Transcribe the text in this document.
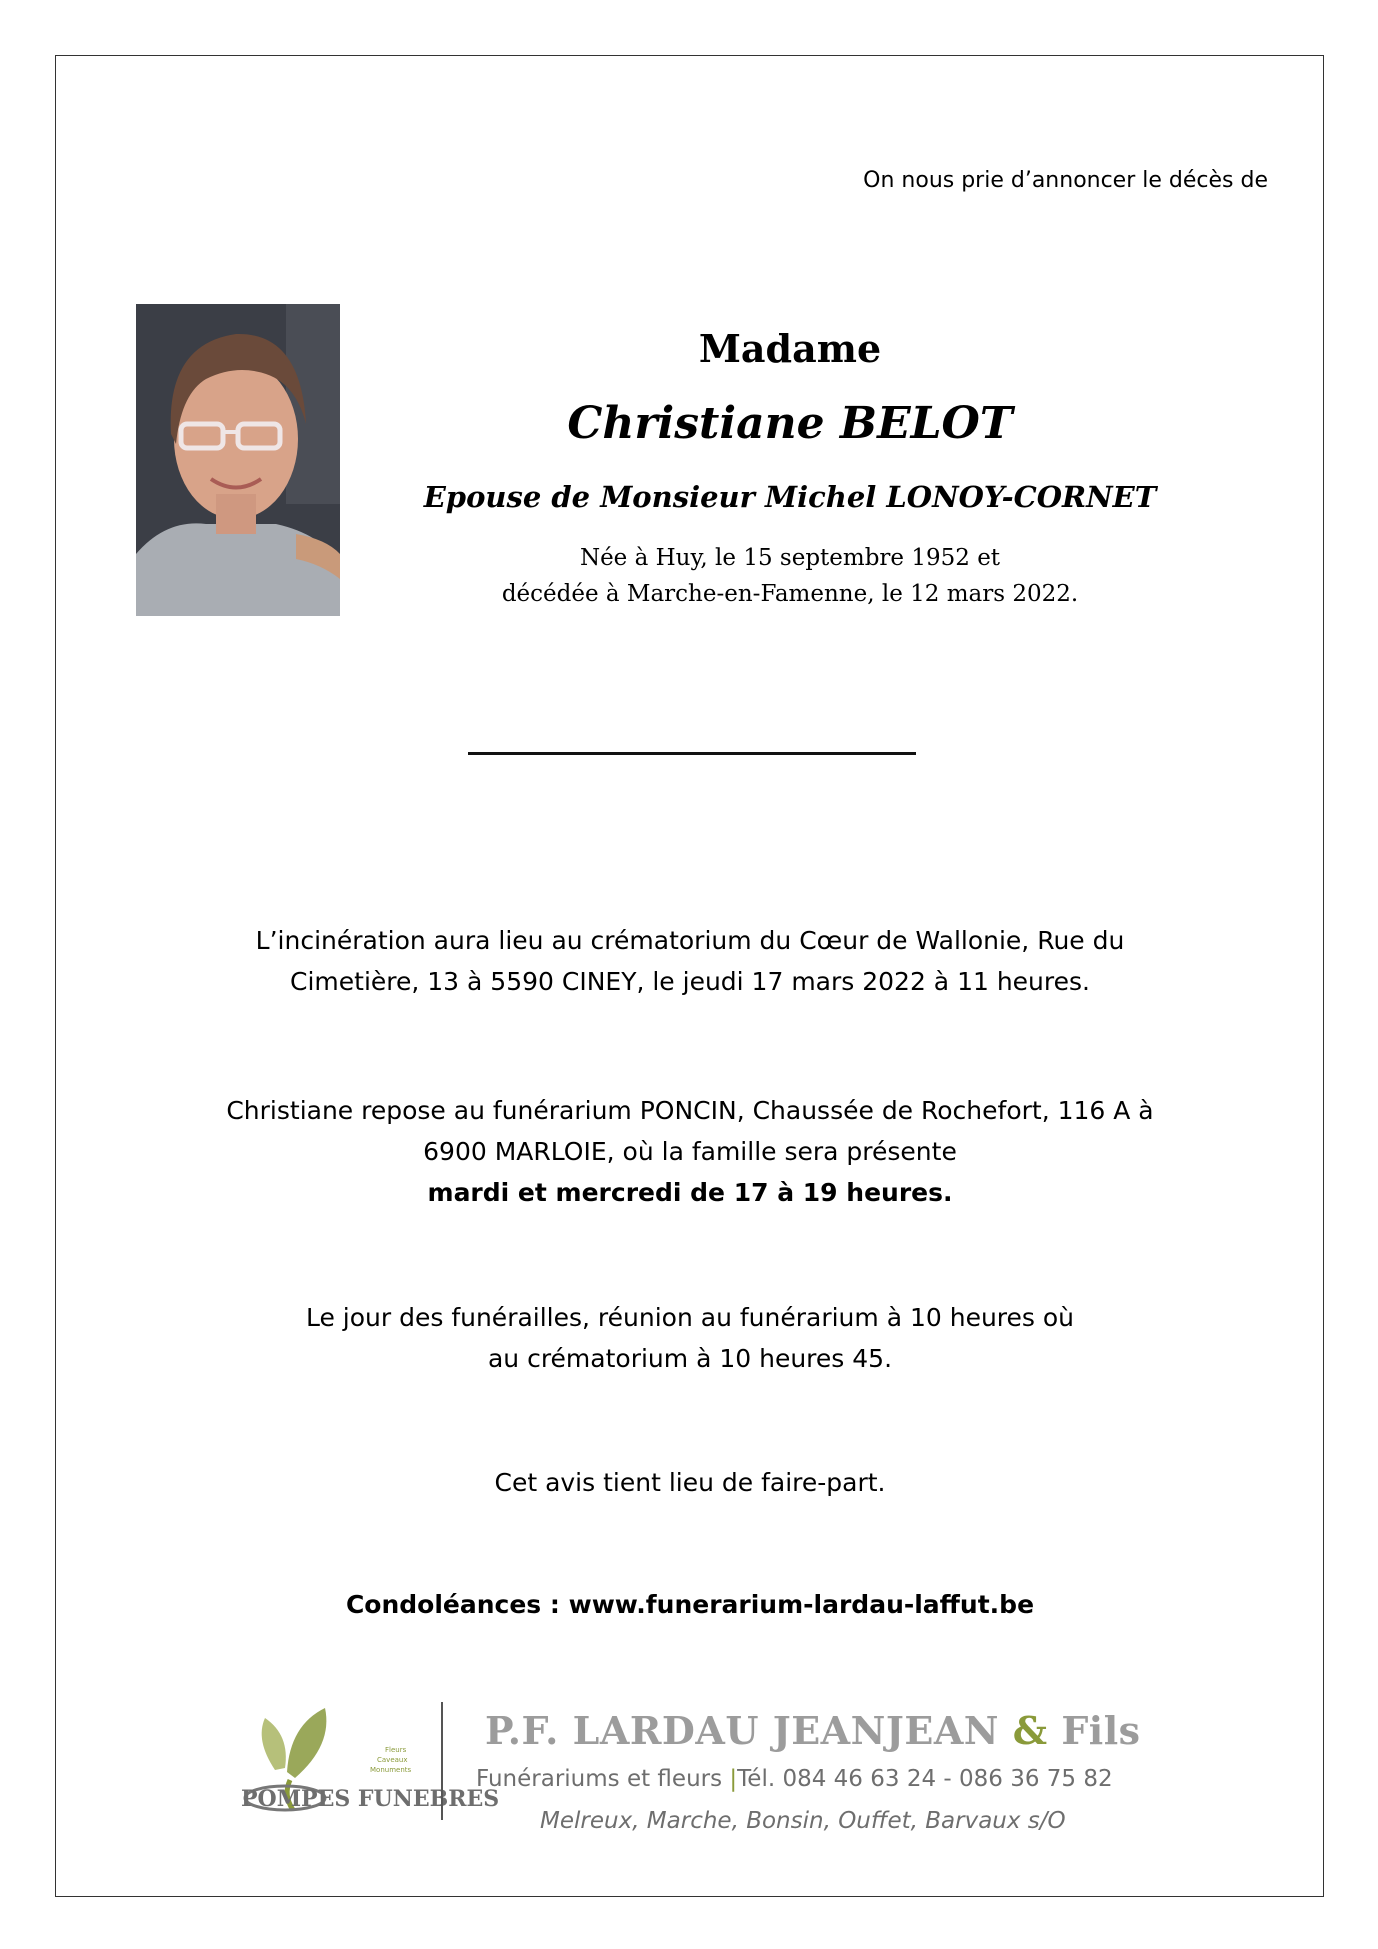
On nous prie d’annoncer le décès de
Madame
Christiane BELOT
Epouse de Monsieur Michel LONOY-CORNET
Née à Huy, le 15 septembre 1952 et
décédée à Marche-en-Famenne, le 12 mars 2022.
L’incinération aura lieu au crématorium du Cœur de Wallonie, Rue du
Cimetière, 13 à 5590 CINEY, le jeudi 17 mars 2022 à 11 heures.
Christiane repose au funérarium PONCIN, Chaussée de Rochefort, 116 A à
6900 MARLOIE, où la famille sera présente
mardi et mercredi de 17 à 19 heures.
Le jour des funérailles, réunion au funérarium à 10 heures où
au crématorium à 10 heures 45.
Cet avis tient lieu de faire-part.
Condoléances : www.funerarium-lardau-laffut.be
POMPES FUNEBRES
Fleurs
Caveaux
Monuments
P.F. LARDAU JEANJEAN & Fils
Funérariums et fleurs |Tél. 084 46 63 24 - 086 36 75 82
Melreux, Marche, Bonsin, Ouffet, Barvaux s/O
